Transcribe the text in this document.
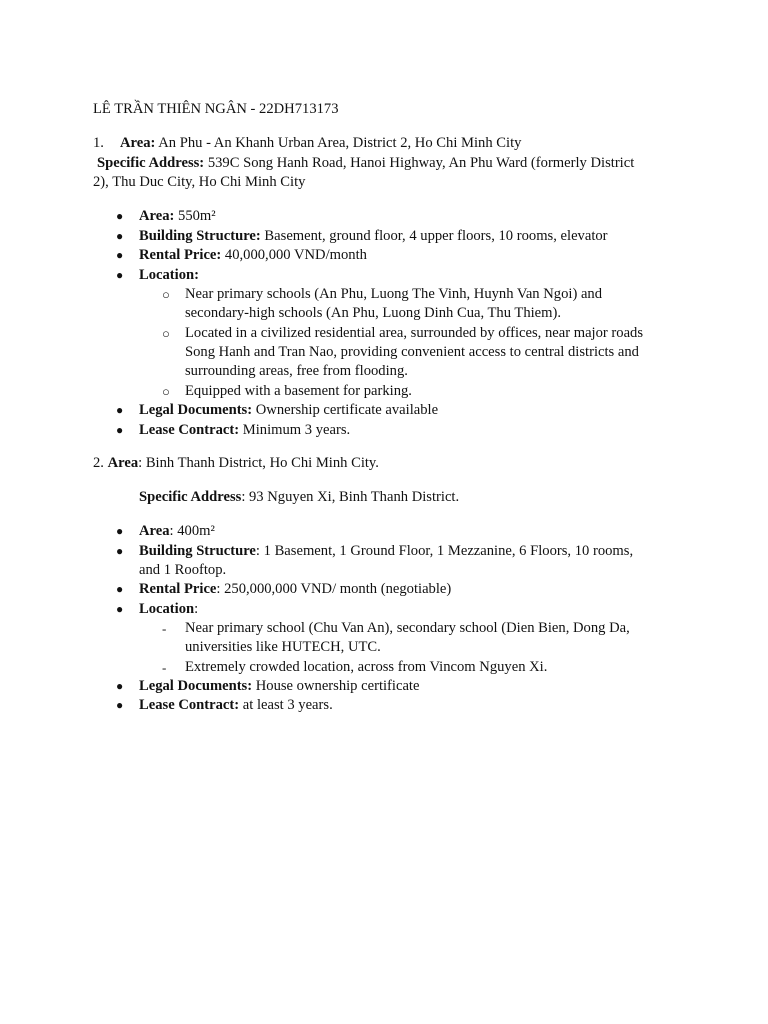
LÊ TRẦN THIÊN NGÂN - 22DH713173
1. Area: An Phu - An Khanh Urban Area, District 2, Ho Chi Minh City
Specific Address: 539C Song Hanh Road, Hanoi Highway, An Phu Ward (formerly District
2), Thu Duc City, Ho Chi Minh City
● Area: 550m²
● Building Structure: Basement, ground floor, 4 upper floors, 10 rooms, elevator
● Rental Price: 40,000,000 VND/month
● Location:
○ Near primary schools (An Phu, Luong The Vinh, Huynh Van Ngoi) and
secondary-high schools (An Phu, Luong Dinh Cua, Thu Thiem).
○ Located in a civilized residential area, surrounded by offices, near major roads
Song Hanh and Tran Nao, providing convenient access to central districts and
surrounding areas, free from flooding.
○ Equipped with a basement for parking.
● Legal Documents: Ownership certificate available
● Lease Contract: Minimum 3 years.
2. Area: Binh Thanh District, Ho Chi Minh City.
Specific Address: 93 Nguyen Xi, Binh Thanh District.
● Area: 400m²
● Building Structure: 1 Basement, 1 Ground Floor, 1 Mezzanine, 6 Floors, 10 rooms,
and 1 Rooftop.
● Rental Price: 250,000,000 VND/ month (negotiable)
● Location:
- Near primary school (Chu Van An), secondary school (Dien Bien, Dong Da,
universities like HUTECH, UTC.
- Extremely crowded location, across from Vincom Nguyen Xi.
● Legal Documents: House ownership certificate
● Lease Contract: at least 3 years.
